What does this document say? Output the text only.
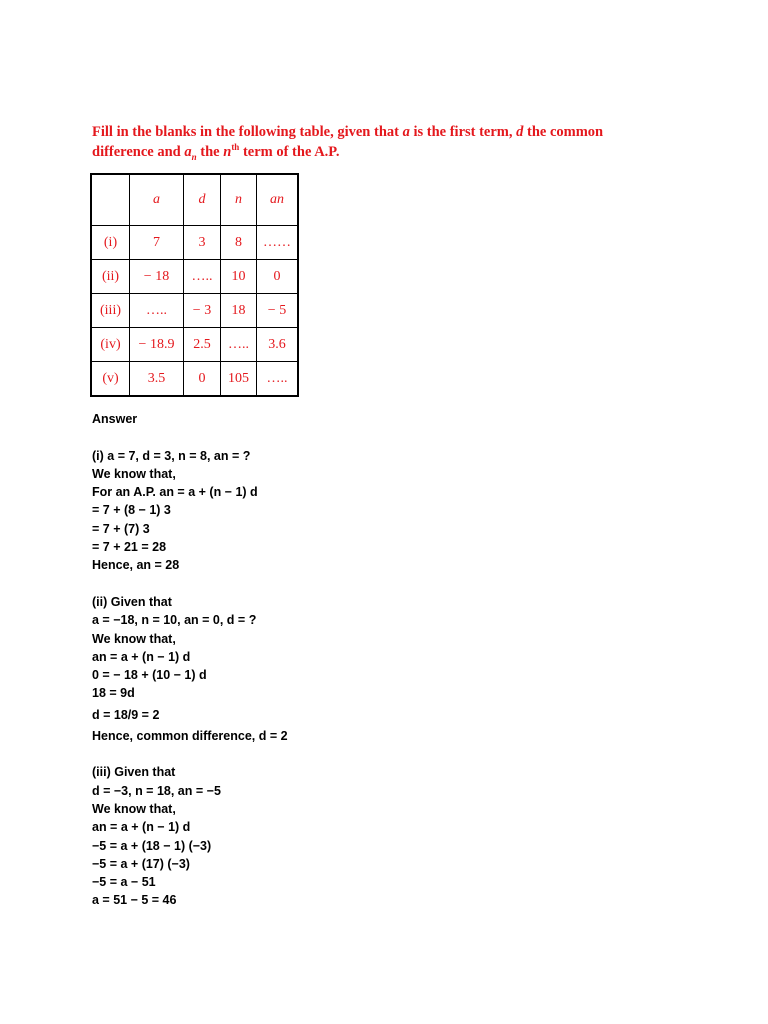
Fill in the blanks in the following table, given that a is the first term, d the common
difference and $a_n$ the $n^{th}$ term of the A.P.
	a	d	n	an
(i)	7	3	8	……
(ii)	− 18	…..	10	0
(iii)	…..	− 3	18	− 5
(iv)	− 18.9	2.5	…..	3.6
(v)	3.5	0	105	…..
Answer
(i) a = 7, d = 3, n = 8, an = ?
We know that,
For an A.P. an = a + (n − 1) d
= 7 + (8 − 1) 3
= 7 + (7) 3
= 7 + 21 = 28
Hence, an = 28
(ii) Given that
a = −18, n = 10, an = 0, d = ?
We know that,
an = a + (n − 1) d
0 = − 18 + (10 − 1) d
18 = 9d
d = 18/9 = 2
Hence, common difference, d = 2
(iii) Given that
d = −3, n = 18, an = −5
We know that,
an = a + (n − 1) d
−5 = a + (18 − 1) (−3)
−5 = a + (17) (−3)
−5 = a − 51
a = 51 − 5 = 46
